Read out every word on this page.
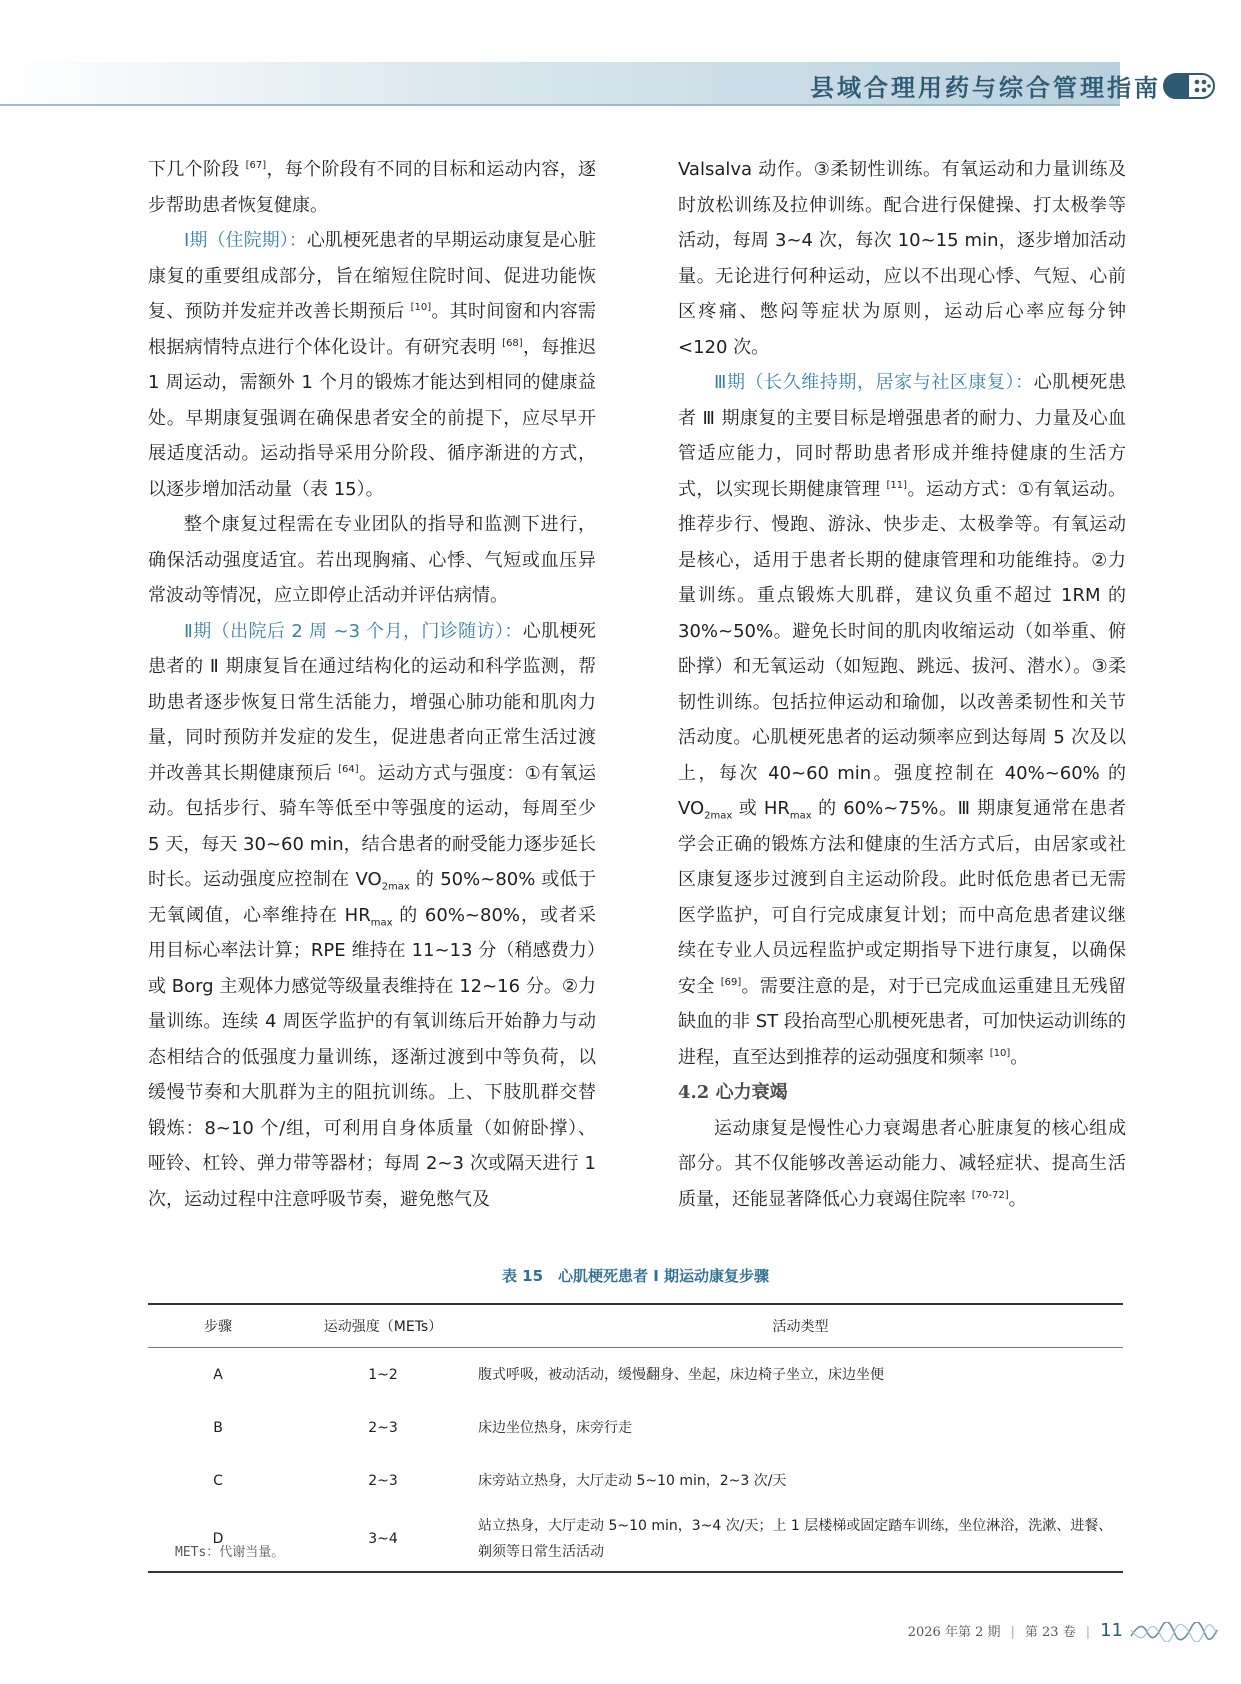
县域合理用药与综合管理指南

下几个阶段 [67]，每个阶段有不同的目标和运动内容，逐步帮助患者恢复健康。

Ⅰ期（住院期）：心肌梗死患者的早期运动康复是心脏康复的重要组成部分，旨在缩短住院时间、促进功能恢复、预防并发症并改善长期预后 [10]。其时间窗和内容需根据病情特点进行个体化设计。有研究表明 [68]，每推迟 1 周运动，需额外 1 个月的锻炼才能达到相同的健康益处。早期康复强调在确保患者安全的前提下，应尽早开展适度活动。运动指导采用分阶段、循序渐进的方式，以逐步增加活动量（表 15）。

整个康复过程需在专业团队的指导和监测下进行，确保活动强度适宜。若出现胸痛、心悸、气短或血压异常波动等情况，应立即停止活动并评估病情。

Ⅱ期（出院后 2 周 ~3 个月，门诊随访）：心肌梗死患者的 Ⅱ 期康复旨在通过结构化的运动和科学监测，帮助患者逐步恢复日常生活能力，增强心肺功能和肌肉力量，同时预防并发症的发生，促进患者向正常生活过渡并改善其长期健康预后 [64]。运动方式与强度：①有氧运动。包括步行、骑车等低至中等强度的运动，每周至少 5 天，每天 30~60 min，结合患者的耐受能力逐步延长时长。运动强度应控制在 $VO_{2max}$ 的 50%~80% 或低于无氧阈值，心率维持在 $HR_{max}$ 的 60%~80%，或者采用目标心率法计算；RPE 维持在 11~13 分（稍感费力）或 Borg 主观体力感觉等级量表维持在 12~16 分。②力量训练。连续 4 周医学监护的有氧训练后开始静力与动态相结合的低强度力量训练，逐渐过渡到中等负荷，以缓慢节奏和大肌群为主的阻抗训练。上、下肢肌群交替锻炼：8~10 个/组，可利用自身体质量（如俯卧撑）、哑铃、杠铃、弹力带等器材；每周 2~3 次或隔天进行 1 次，运动过程中注意呼吸节奏，避免憋气及

Valsalva 动作。③柔韧性训练。有氧运动和力量训练及时放松训练及拉伸训练。配合进行保健操、打太极拳等活动，每周 3~4 次，每次 10~15 min，逐步增加活动量。无论进行何种运动，应以不出现心悸、气短、心前区疼痛、憋闷等症状为原则，运动后心率应每分钟 <120 次。

Ⅲ期（长久维持期，居家与社区康复）：心肌梗死患者 Ⅲ 期康复的主要目标是增强患者的耐力、力量及心血管适应能力，同时帮助患者形成并维持健康的生活方式，以实现长期健康管理 [11]。运动方式：①有氧运动。推荐步行、慢跑、游泳、快步走、太极拳等。有氧运动是核心，适用于患者长期的健康管理和功能维持。②力量训练。重点锻炼大肌群，建议负重不超过 1RM 的 30%~50%。避免长时间的肌肉收缩运动（如举重、俯卧撑）和无氧运动（如短跑、跳远、拔河、潜水）。③柔韧性训练。包括拉伸运动和瑜伽，以改善柔韧性和关节活动度。心肌梗死患者的运动频率应到达每周 5 次及以上，每次 40~60 min。强度控制在 40%~60% 的 $VO_{2max}$ 或 $HR_{max}$ 的 60%~75%。Ⅲ 期康复通常在患者学会正确的锻炼方法和健康的生活方式后，由居家或社区康复逐步过渡到自主运动阶段。此时低危患者已无需医学监护，可自行完成康复计划；而中高危患者建议继续在专业人员远程监护或定期指导下进行康复，以确保安全 [69]。需要注意的是，对于已完成血运重建且无残留缺血的非 ST 段抬高型心肌梗死患者，可加快运动训练的进程，直至达到推荐的运动强度和频率 [10]。

4.2 心力衰竭

运动康复是慢性心力衰竭患者心脏康复的核心组成部分。其不仅能够改善运动能力、减轻症状、提高生活质量，还能显著降低心力衰竭住院率 [70-72]。

表 15　心肌梗死患者 Ⅰ 期运动康复步骤
步骤	运动强度（METs）	活动类型
A	1~2	腹式呼吸，被动活动，缓慢翻身、坐起，床边椅子坐立，床边坐便
B	2~3	床边坐位热身，床旁行走
C	2~3	床旁站立热身，大厅走动 5~10 min，2~3 次/天
D	3~4	站立热身，大厅走动 5~10 min，3~4 次/天；上 1 层楼梯或固定踏车训练，坐位淋浴，洗漱、进餐、剃须等日常生活活动
METs：代谢当量。
2026 年第 2 期 | 第 23 卷 | 11
